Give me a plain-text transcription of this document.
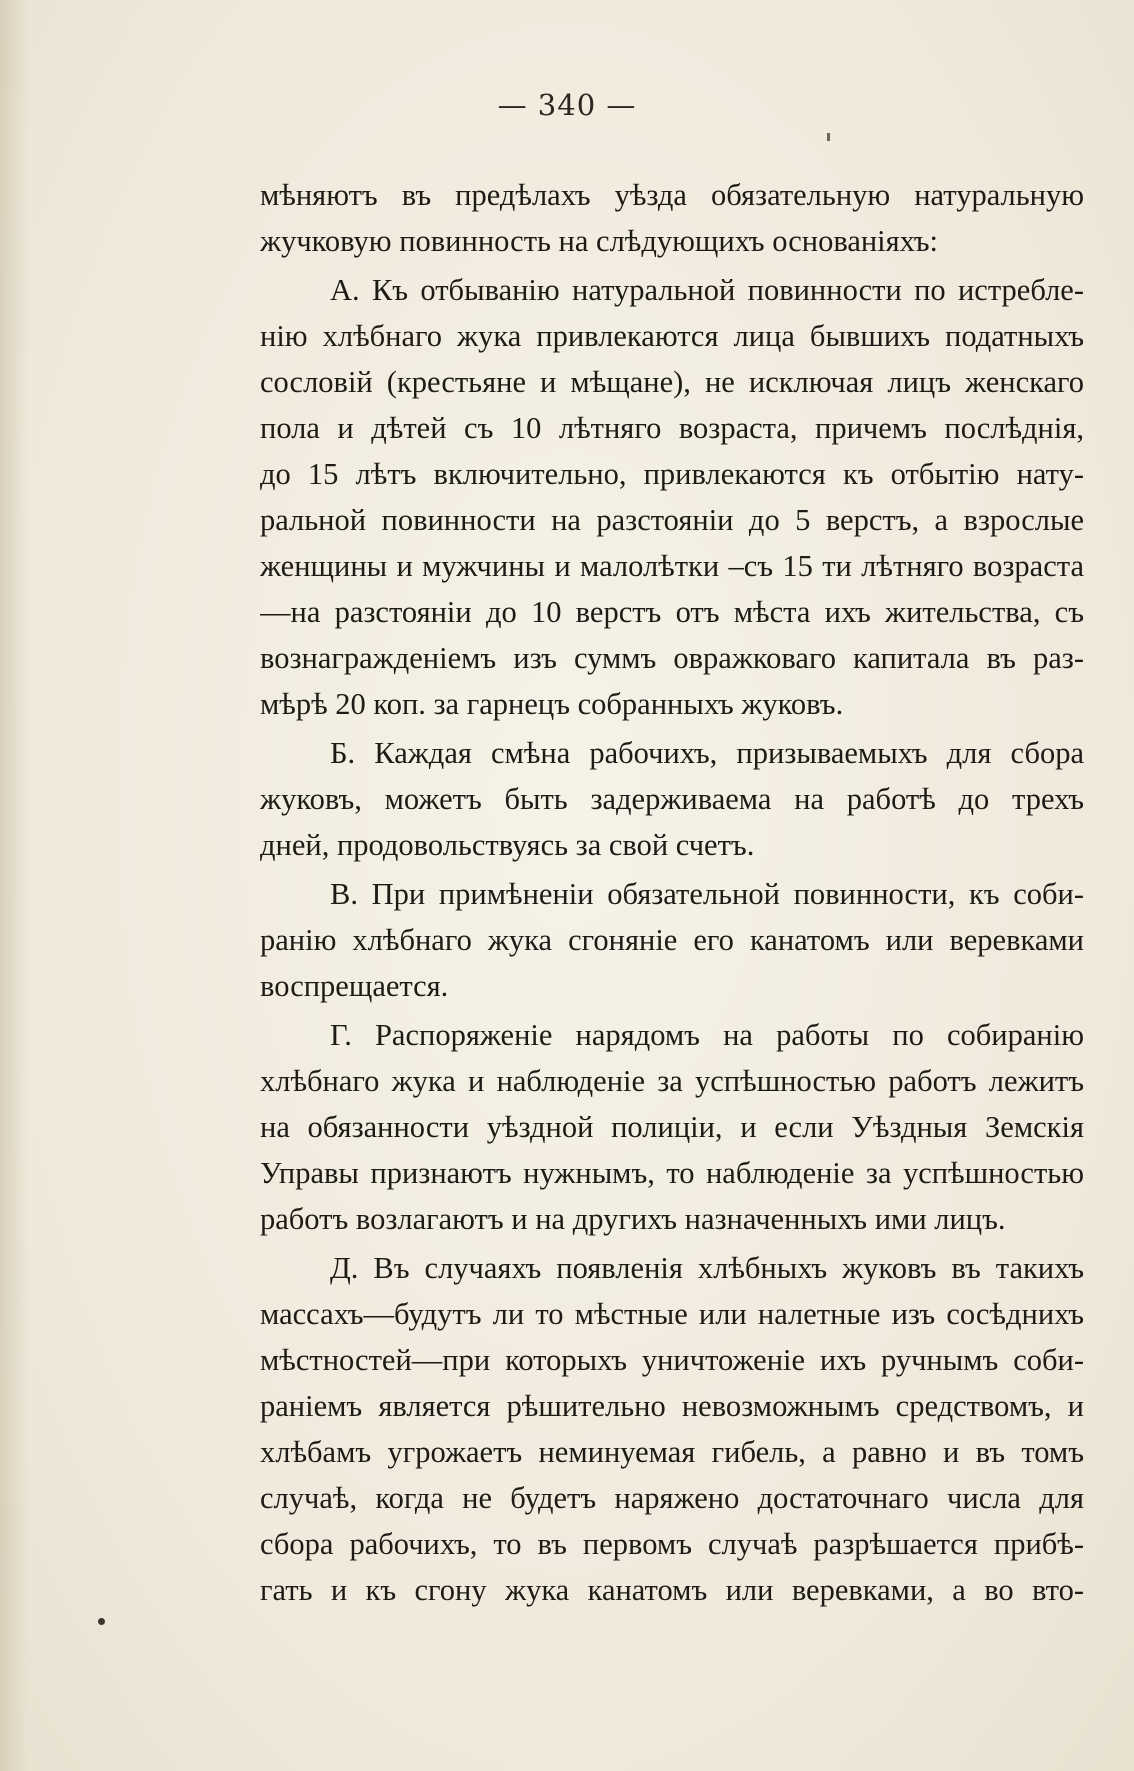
— 340 —
мѣняютъ въ предѣлахъ уѣзда обязательную натуральную
жучковую повинность на слѣдующихъ основаніяхъ:
А. Къ отбыванію натуральной повинности по истребле-
нію хлѣбнаго жука привлекаются лица бывшихъ податныхъ
сословій (крестьяне и мѣщане), не исключая лицъ женскаго
пола и дѣтей съ 10 лѣтняго возраста, причемъ послѣднія,
до 15 лѣтъ включительно, привлекаются къ отбытію нату-
ральной повинности на разстояніи до 5 верстъ, а взрослые
женщины и мужчины и малолѣтки –съ 15 ти лѣтняго возраста
—на разстояніи до 10 верстъ отъ мѣста ихъ жительства, съ
вознагражденіемъ изъ суммъ овражковаго капитала въ раз-
мѣрѣ 20 коп. за гарнецъ собранныхъ жуковъ.
Б. Каждая смѣна рабочихъ, призываемыхъ для сбора
жуковъ, можетъ быть задерживаема на работѣ до трехъ
дней, продовольствуясь за свой счетъ.
В. При примѣненіи обязательной повинности, къ соби-
ранію хлѣбнаго жука сгоняніе его канатомъ или веревками
воспрещается.
Г. Распоряженіе нарядомъ на работы по собиранію
хлѣбнаго жука и наблюденіе за успѣшностью работъ лежитъ
на обязанности уѣздной полиціи, и если Уѣздныя Земскія
Управы признаютъ нужнымъ, то наблюденіе за успѣшностью
работъ возлагаютъ и на другихъ назначенныхъ ими лицъ.
Д. Въ случаяхъ появленія хлѣбныхъ жуковъ въ такихъ
массахъ—будутъ ли то мѣстные или налетные изъ сосѣднихъ
мѣстностей—при которыхъ уничтоженіе ихъ ручнымъ соби-
раніемъ является рѣшительно невозможнымъ средствомъ, и
хлѣбамъ угрожаетъ неминуемая гибель, а равно и въ томъ
случаѣ, когда не будетъ наряжено достаточнаго числа для
сбора рабочихъ, то въ первомъ случаѣ разрѣшается прибѣ-
гать и къ сгону жука канатомъ или веревками, а во вто-
